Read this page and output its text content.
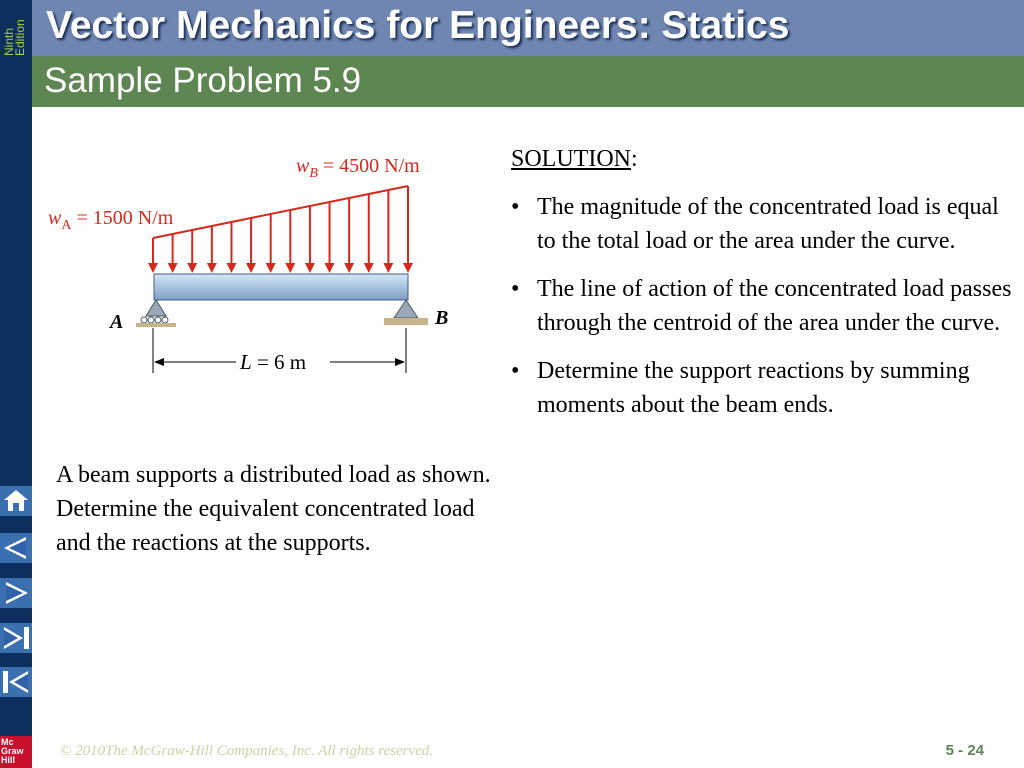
Ninth
Edition
Mc
Graw
Hill
Vector Mechanics for Engineers: Statics
Sample Problem 5.9
$w_B = 4500$ N/m
$w_A = 1500$ N/m
A	B
L = 6 m
A beam supports a distributed load as shown. Determine the equivalent concentrated load and the reactions at the supports.

SOLUTION:

• The magnitude of the concentrated load is equal to the total load or the area under the curve.
• The line of action of the concentrated load passes through the centroid of the area under the curve.
• Determine the support reactions by summing moments about the beam ends.
© 2010The McGraw-Hill Companies, Inc. All rights reserved.	5 - 24
